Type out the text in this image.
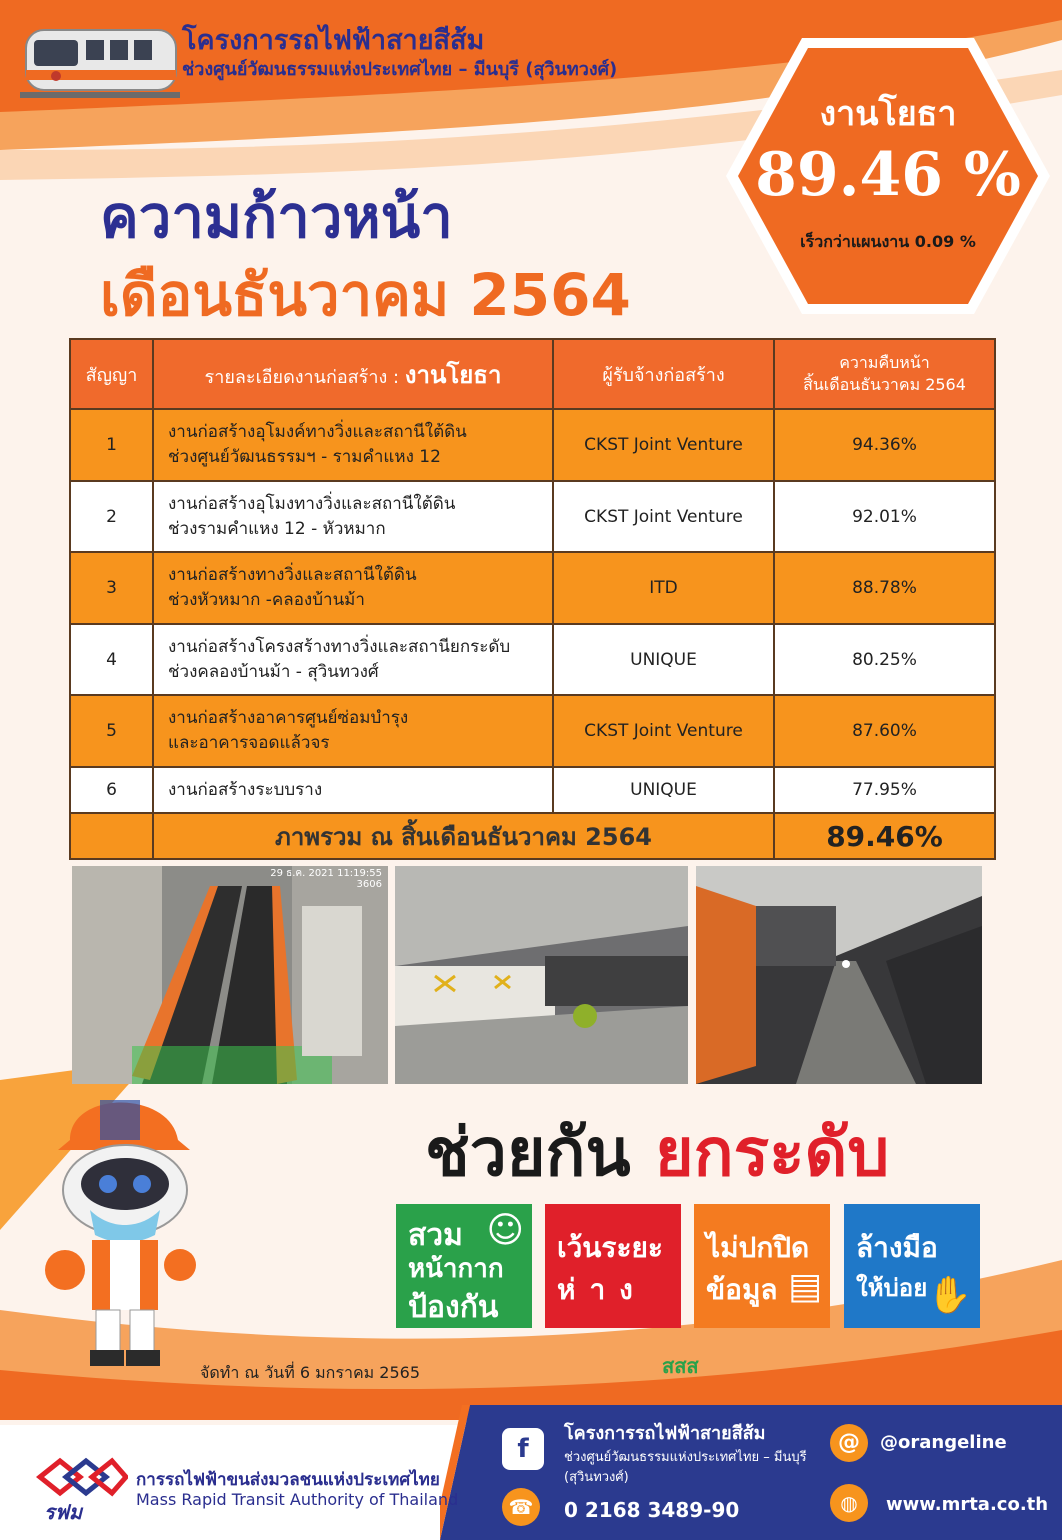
โครงการรถไฟฟ้าสายสีส้ม
ช่วงศูนย์วัฒนธรรมแห่งประเทศไทย – มีนบุรี (สุวินทวงศ์)
ความก้าวหน้า
เดือนธันวาคม 2564
งานโยธา
89.46 %
เร็วกว่าแผนงาน 0.09 %
สัญญา	รายละเอียดงานก่อสร้าง : งานโยธา	ผู้รับจ้างก่อสร้าง	ความคืบหน้า
สิ้นเดือนธันวาคม 2564
1	งานก่อสร้างอุโมงค์ทางวิ่งและสถานีใต้ดิน
ช่วงศูนย์วัฒนธรรมฯ - รามคำแหง 12	CKST Joint Venture	94.36%
2	งานก่อสร้างอุโมงทางวิ่งและสถานีใต้ดิน
ช่วงรามคำแหง 12 - หัวหมาก	CKST Joint Venture	92.01%
3	งานก่อสร้างทางวิ่งและสถานีใต้ดิน
ช่วงหัวหมาก -คลองบ้านม้า	ITD	88.78%
4	งานก่อสร้างโครงสร้างทางวิ่งและสถานียกระดับ
ช่วงคลองบ้านม้า - สุวินทวงศ์	UNIQUE	80.25%
5	งานก่อสร้างอาคารศูนย์ซ่อมบำรุง
และอาคารจอดแล้วจร	CKST Joint Venture	87.60%
6	งานก่อสร้างระบบราง	UNIQUE	77.95%
	ภาพรวม ณ สิ้นเดือนธันวาคม 2564		89.46%
29 ธ.ค. 2021 11:19:55
3606
ช่วยกัน ยกระดับ
สวม
หน้ากาก
ป้องกัน
☺ เว้นระยะ
ห่าง
ไม่ปกปิด
ข้อมูล ▤
ล้างมือ
ให้บ่อย ✋
จัดทำ ณ วันที่ 6 มกราคม 2565	สสส
รฟม
การรถไฟฟ้าขนส่งมวลชนแห่งประเทศไทย
Mass Rapid Transit Authority of Thailand
f
โครงการรถไฟฟ้าสายสีส้ม
ช่วงศูนย์วัฒนธรรมแห่งประเทศไทย – มีนบุรี
(สุวินทวงศ์)
☎	0 2168 3489-90
@	@orangeline
◍	www.mrta.co.th
